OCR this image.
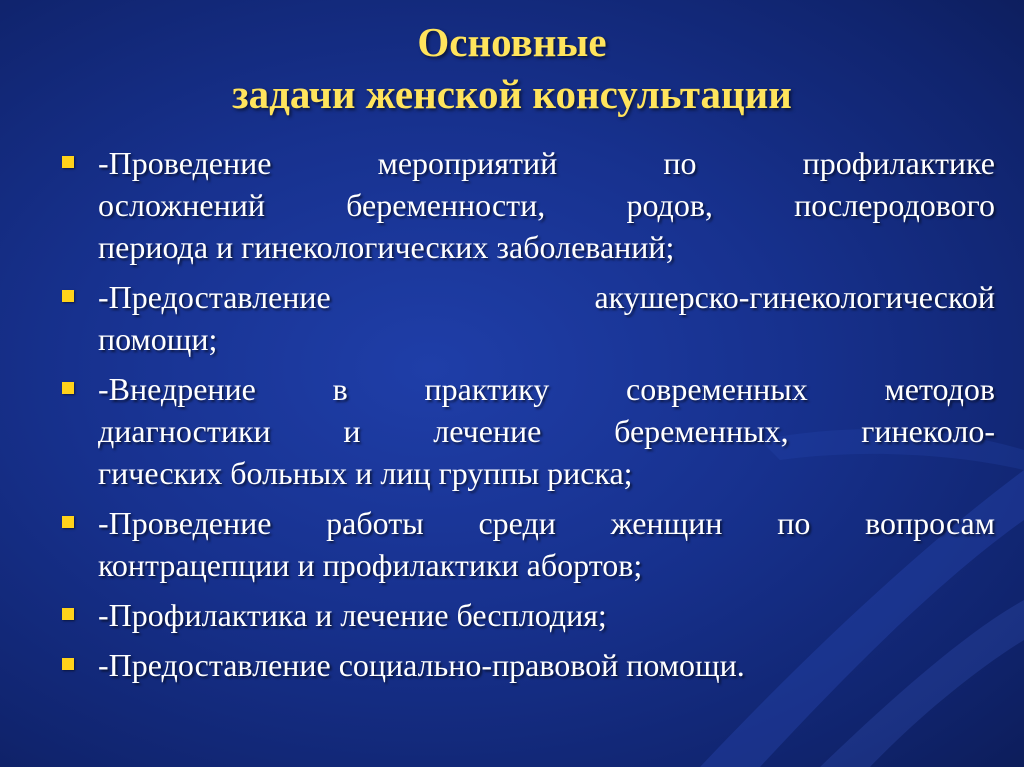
Основные
задачи женской консультации
-Проведение мероприятий по профилактике
осложнений беременности, родов, послеродового
периода и гинекологических заболеваний;
-Предоставление акушерско-гинекологической
помощи;
-Внедрение в практику современных методов
диагностики и лечение беременных, гинеколо-
гических больных и лиц группы риска;
-Проведение работы среди женщин по вопросам
контрацепции и профилактики абортов;
-Профилактика и лечение бесплодия;
-Предоставление социально-правовой помощи.
